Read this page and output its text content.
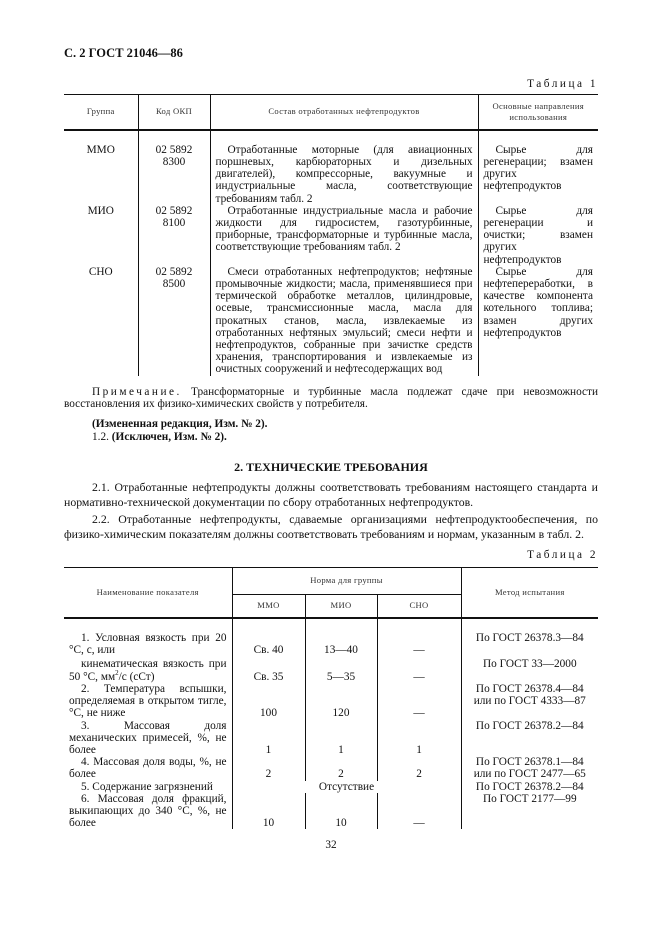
С. 2 ГОСТ 21046—86
Таблица 1
Группа	Код ОКП	Состав отработанных нефтепродуктов	Основные направления использования

ММО	02 5892 8300	Отработанные моторные (для авиационных поршневых, карбюраторных и дизельных двигателей), компрессорные, вакуумные и индустриальные масла, соответствующие требованиям табл. 2	Сырье для регенерации; взамен других нефтепродуктов
МИО	02 5892 8100	Отработанные индустриальные масла и рабочие жидкости для гидросистем, газотурбинные, приборные, трансформаторные и турбинные масла, соответствующие требованиям табл. 2	Сырье для регенерации и очистки; взамен других нефтепродуктов
СНО	02 5892 8500	Смеси отработанных нефтепродуктов; нефтяные промывочные жидкости; масла, применявшиеся при термической обработке металлов, цилиндровые, осевые, трансмиссионные масла, масла для прокатных станов, масла, извлекаемые из отработанных нефтяных эмульсий; смеси нефти и нефтепродуктов, собранные при зачистке средств хранения, транспортирования и извлекаемые из очистных сооружений и нефтесодержащих вод	Сырье для нефтепереработки, в качестве компонента котельного топлива; взамен других нефтепродуктов
Примечание. Трансформаторные и турбинные масла подлежат сдаче при невозможности восстановления их физико-химических свойств у потребителя.
(Измененная редакция, Изм. № 2).
1.2. (Исключен, Изм. № 2).
2. ТЕХНИЧЕСКИЕ ТРЕБОВАНИЯ
2.1. Отработанные нефтепродукты должны соответствовать требованиям настоящего стандарта и нормативно-технической документации по сбору отработанных нефтепродуктов.
2.2. Отработанные нефтепродукты, сдаваемые организациями нефтепродуктообеспечения, по физико-химическим показателям должны соответствовать требованиям и нормам, указанным в табл. 2.
Таблица 2
Наименование показателя	Норма для группы			Метод испытания
	ММО	МИО	СНО	

1. Условная вязкость при 20 °С, с, или	Св. 40	13—40	—	По ГОСТ 26378.3—84
кинематическая вязкость при 50 °С, $мм^2/с$ (сСт)	Св. 35	5—35	—	По ГОСТ 33—2000
2. Температура вспышки, определяемая в открытом тигле, °С, не ниже	100	120	—	По ГОСТ 26378.4—84 или по ГОСТ 4333—87
3. Массовая доля механических примесей, %, не более	1	1	1	По ГОСТ 26378.2—84
4. Массовая доля воды, %, не более	2	2	2	По ГОСТ 26378.1—84 или по ГОСТ 2477—65
5. Содержание загрязнений	Отсутствие			По ГОСТ 26378.2—84
6. Массовая доля фракций, выкипающих до 340 °С, %, не более	10	10	—	По ГОСТ 2177—99
32
